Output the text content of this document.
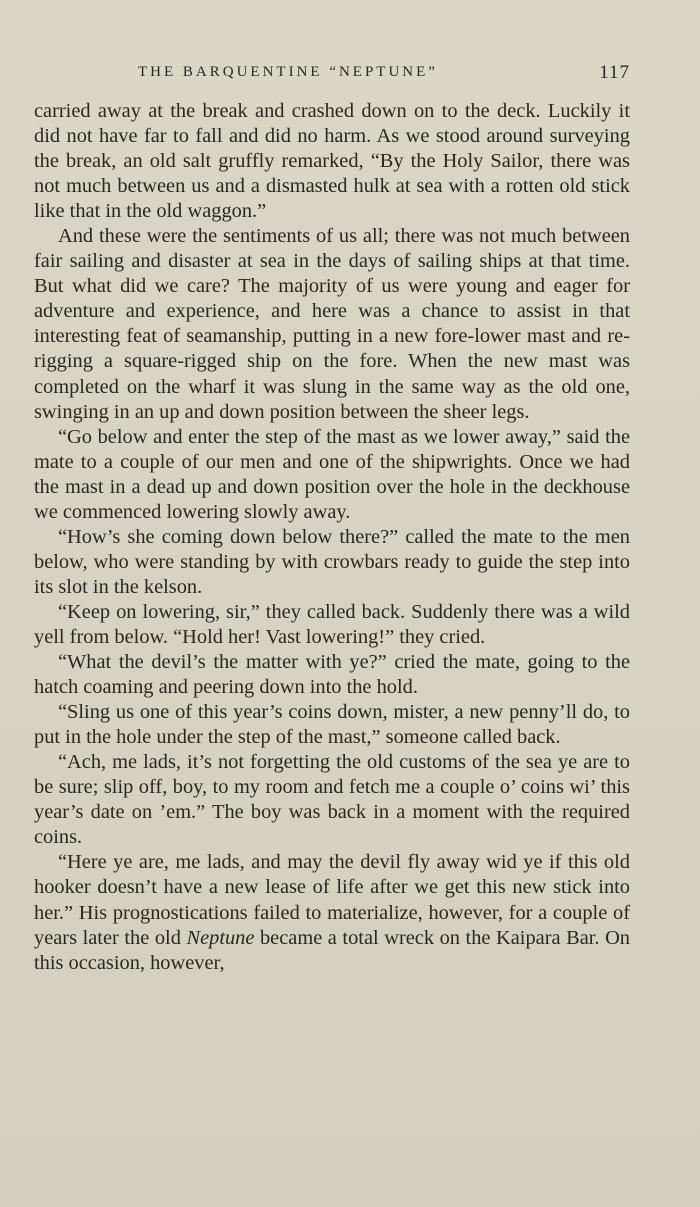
THE BARQUENTINE “NEPTUNE”	117

carried away at the break and crashed down on to the deck. Luckily it did not have far to fall and did no harm. As we stood around surveying the break, an old salt gruffly remarked, “By the Holy Sailor, there was not much between us and a dismasted hulk at sea with a rotten old stick like that in the old waggon.”

And these were the sentiments of us all; there was not much between fair sailing and disaster at sea in the days of sailing ships at that time. But what did we care? The majority of us were young and eager for adventure and experience, and here was a chance to assist in that interesting feat of seamanship, putting in a new fore-lower mast and re-rigging a square-rigged ship on the fore. When the new mast was completed on the wharf it was slung in the same way as the old one, swinging in an up and down position between the sheer legs.

“Go below and enter the step of the mast as we lower away,” said the mate to a couple of our men and one of the shipwrights. Once we had the mast in a dead up and down position over the hole in the deckhouse we commenced lowering slowly away.

“How’s she coming down below there?” called the mate to the men below, who were standing by with crowbars ready to guide the step into its slot in the kelson.

“Keep on lowering, sir,” they called back. Suddenly there was a wild yell from below. “Hold her! Vast lowering!” they cried.

“What the devil’s the matter with ye?” cried the mate, going to the hatch coaming and peering down into the hold.

“Sling us one of this year’s coins down, mister, a new penny’ll do, to put in the hole under the step of the mast,” someone called back.

“Ach, me lads, it’s not forgetting the old customs of the sea ye are to be sure; slip off, boy, to my room and fetch me a couple o’ coins wi’ this year’s date on ’em.” The boy was back in a moment with the required coins.

“Here ye are, me lads, and may the devil fly away wid ye if this old hooker doesn’t have a new lease of life after we get this new stick into her.” His prognostications failed to materialize, however, for a couple of years later the old Neptune became a total wreck on the Kaipara Bar. On this occasion, however,
